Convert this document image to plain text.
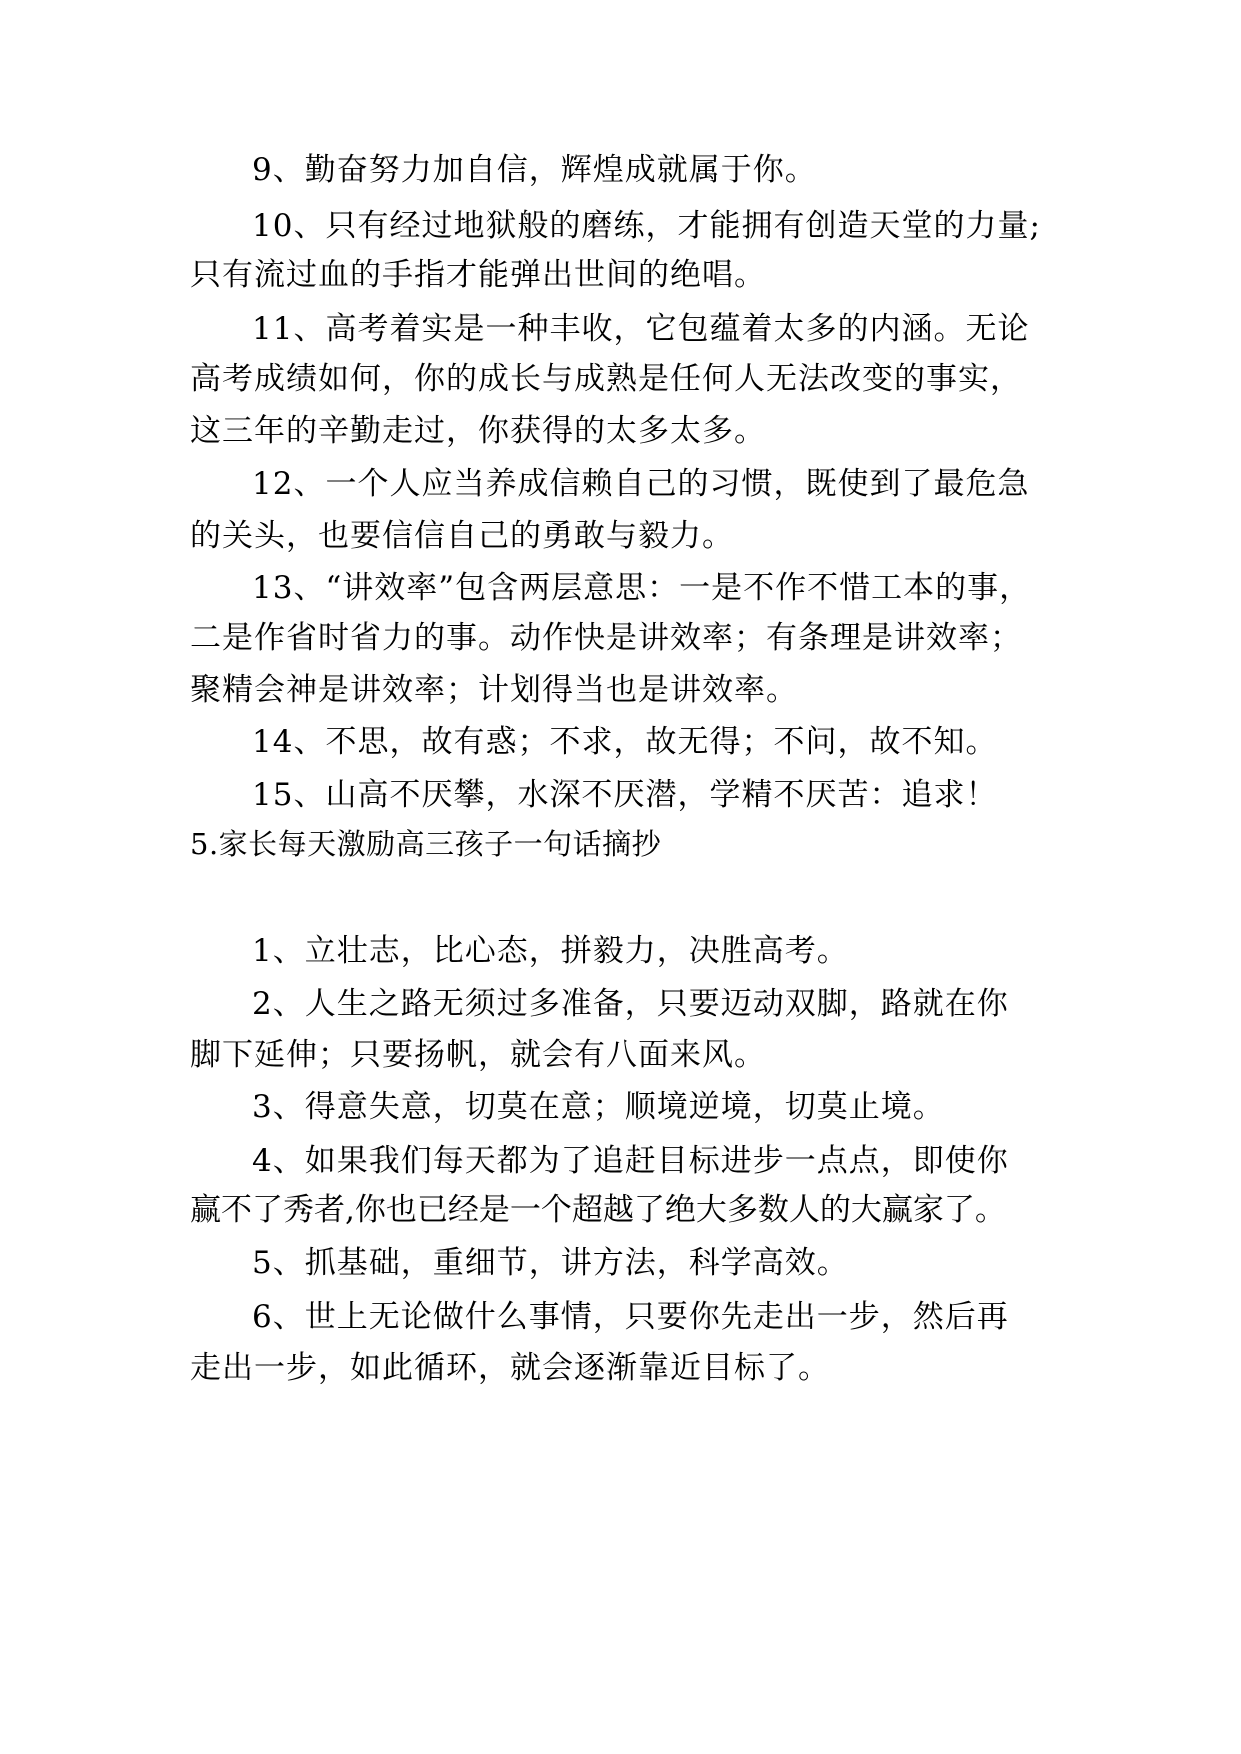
9、勤奋努力加自信，辉煌成就属于你。
10、只有经过地狱般的磨练，才能拥有创造天堂的力量;
只有流过血的手指才能弹出世间的绝唱。
11、高考着实是一种丰收，它包蕴着太多的内涵。无论
高考成绩如何，你的成长与成熟是任何人无法改变的事实，
这三年的辛勤走过，你获得的太多太多。
12、一个人应当养成信赖自己的习惯，既使到了最危急
的关头，也要信信自己的勇敢与毅力。
13、“讲效率”包含两层意思：一是不作不惜工本的事，
二是作省时省力的事。动作快是讲效率；有条理是讲效率；
聚精会神是讲效率；计划得当也是讲效率。
14、不思，故有惑；不求，故无得；不问，故不知。
15、山高不厌攀，水深不厌潜，学精不厌苦：追求！
5.家长每天激励高三孩子一句话摘抄
1、立壮志，比心态，拼毅力，决胜高考。
2、人生之路无须过多准备，只要迈动双脚，路就在你
脚下延伸；只要扬帆，就会有八面来风。
3、得意失意，切莫在意；顺境逆境，切莫止境。
4、如果我们每天都为了追赶目标进步一点点，即使你
赢不了秀者,你也已经是一个超越了绝大多数人的大赢家了。
5、抓基础，重细节，讲方法，科学高效。
6、世上无论做什么事情，只要你先走出一步，然后再
走出一步，如此循环，就会逐渐靠近目标了。
